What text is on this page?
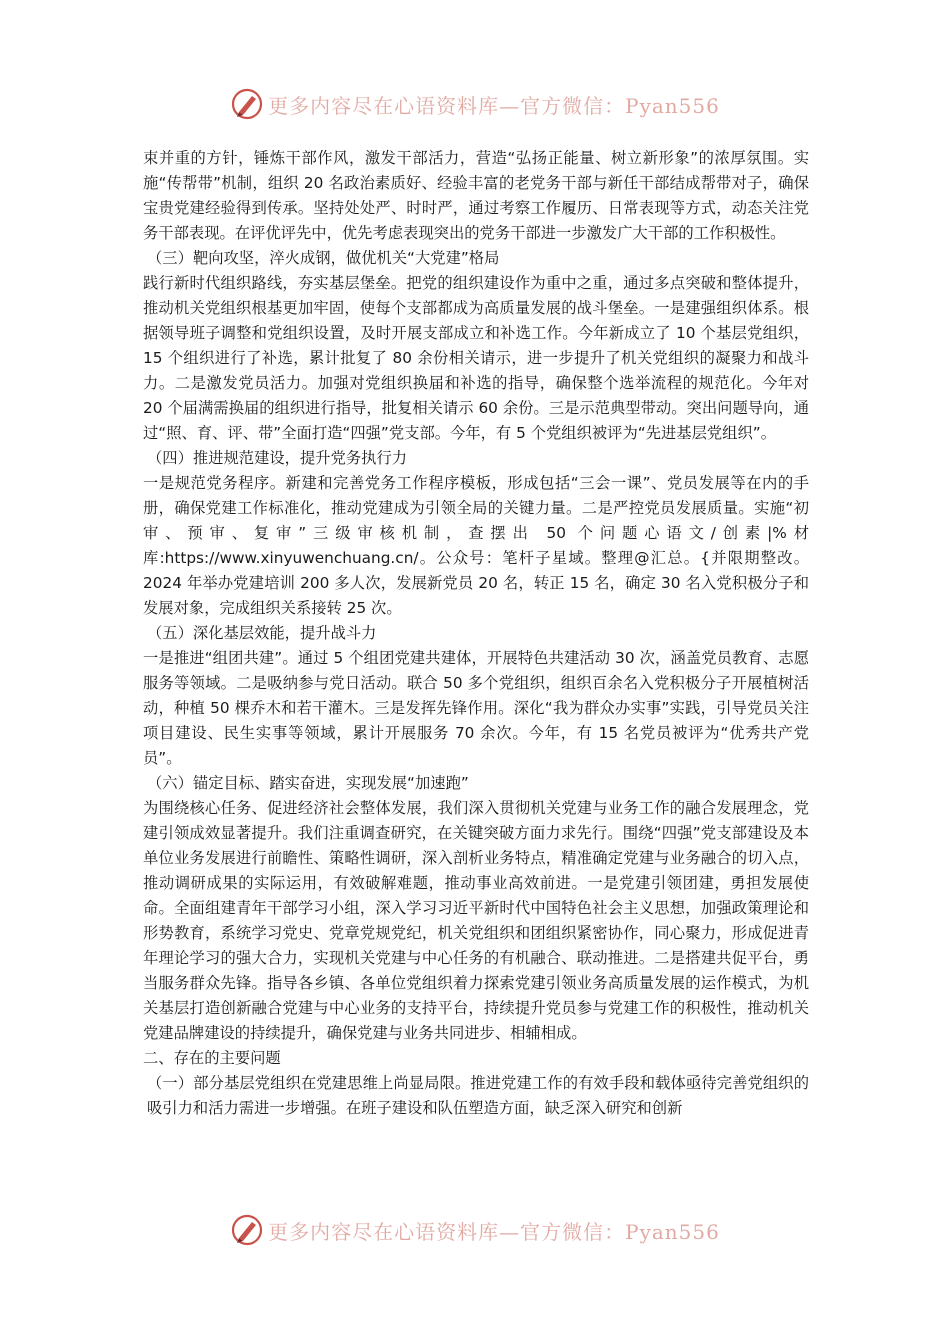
更多内容尽在心语资料库—官方微信：Pyan556

束并重的方针，锤炼干部作风，激发干部活力，营造“弘扬正能量、树立新形象”的浓厚氛围。实施“传帮带”机制，组织 20 名政治素质好、经验丰富的老党务干部与新任干部结成帮带对子，确保宝贵党建经验得到传承。坚持处处严、时时严，通过考察工作履历、日常表现等方式，动态关注党务干部表现。在评优评先中，优先考虑表现突出的党务干部进一步激发广大干部的工作积极性。

（三）靶向攻坚，淬火成钢，做优机关“大党建”格局

践行新时代组织路线，夯实基层堡垒。把党的组织建设作为重中之重，通过多点突破和整体提升，推动机关党组织根基更加牢固，使每个支部都成为高质量发展的战斗堡垒。一是建强组织体系。根据领导班子调整和党组织设置，及时开展支部成立和补选工作。今年新成立了 10 个基层党组织，15 个组织进行了补选，累计批复了 80 余份相关请示，进一步提升了机关党组织的凝聚力和战斗力。二是激发党员活力。加强对党组织换届和补选的指导，确保整个选举流程的规范化。今年对 20 个届满需换届的组织进行指导，批复相关请示 60 余份。三是示范典型带动。突出问题导向，通过“照、育、评、带”全面打造“四强”党支部。今年，有 5 个党组织被评为“先进基层党组织”。

（四）推进规范建设，提升党务执行力

一是规范党务程序。新建和完善党务工作程序模板，形成包括“三会一课”、党员发展等在内的手册，确保党建工作标准化，推动党建成为引领全局的关键力量。二是严控党员发展质量。实施“初审、预审、复审”三级审核机制，查摆出 50 个问题心语文/创素|%材库:https://www.xinyuwenchuang.cn/。公众号：笔杆子星域。整理@汇总。{并限期整改。2024 年举办党建培训 200 多人次，发展新党员 20 名，转正 15 名，确定 30 名入党积极分子和发展对象，完成组织关系接转 25 次。

（五）深化基层效能，提升战斗力

一是推进“组团共建”。通过 5 个组团党建共建体，开展特色共建活动 30 次，涵盖党员教育、志愿服务等领域。二是吸纳参与党日活动。联合 50 多个党组织，组织百余名入党积极分子开展植树活动，种植 50 棵乔木和若干灌木。三是发挥先锋作用。深化“我为群众办实事”实践，引导党员关注项目建设、民生实事等领域，累计开展服务 70 余次。今年，有 15 名党员被评为“优秀共产党员”。

（六）锚定目标、踏实奋进，实现发展“加速跑”

为围绕核心任务、促进经济社会整体发展，我们深入贯彻机关党建与业务工作的融合发展理念，党建引领成效显著提升。我们注重调查研究，在关键突破方面力求先行。围绕“四强”党支部建设及本单位业务发展进行前瞻性、策略性调研，深入剖析业务特点，精准确定党建与业务融合的切入点，推动调研成果的实际运用，有效破解难题，推动事业高效前进。一是党建引领团建，勇担发展使命。全面组建青年干部学习小组，深入学习习近平新时代中国特色社会主义思想，加强政策理论和形势教育，系统学习党史、党章党规党纪，机关党组织和团组织紧密协作，同心聚力，形成促进青年理论学习的强大合力，实现机关党建与中心任务的有机融合、联动推进。二是搭建共促平台，勇当服务群众先锋。指导各乡镇、各单位党组织着力探索党建引领业务高质量发展的运作模式，为机关基层打造创新融合党建与中心业务的支持平台，持续提升党员参与党建工作的积极性，推动机关党建品牌建设的持续提升，确保党建与业务共同进步、相辅相成。

二、存在的主要问题

（一）部分基层党组织在党建思维上尚显局限。推进党建工作的有效手段和载体亟待完善党组织的吸引力和活力需进一步增强。在班子建设和队伍塑造方面，缺乏深入研究和创新

更多内容尽在心语资料库—官方微信：Pyan556
